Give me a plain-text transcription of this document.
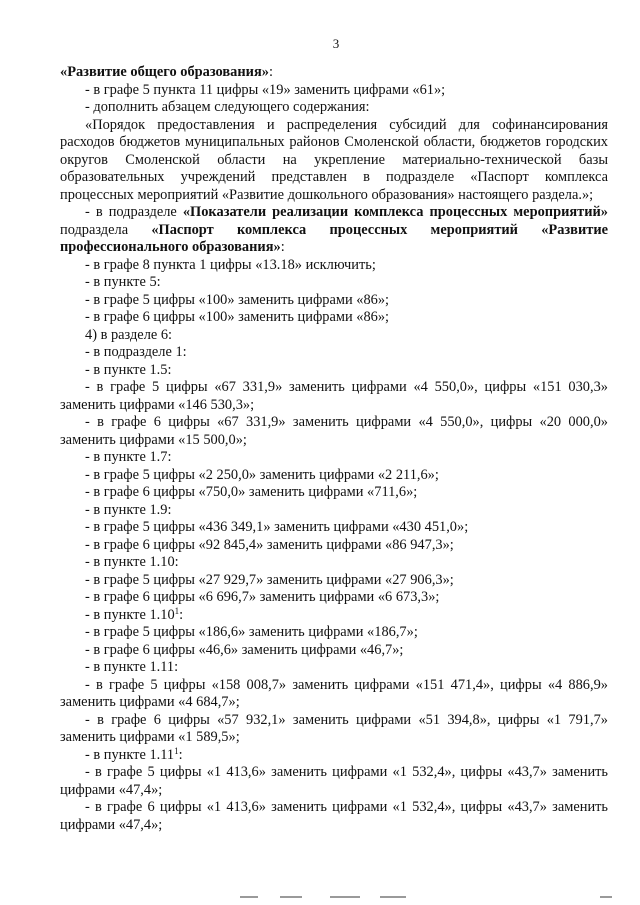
3

«Развитие общего образования»:

- в графе 5 пункта 11 цифры «19» заменить цифрами «61»;

- дополнить абзацем следующего содержания:

«Порядок предоставления и распределения субсидий для софинансирования расходов бюджетов муниципальных районов Смоленской области, бюджетов городских округов Смоленской области на укрепление материально-технической базы образовательных учреждений представлен в подразделе «Паспорт комплекса процессных мероприятий «Развитие дошкольного образования» настоящего раздела.»;

- в подразделе «Показатели реализации комплекса процессных мероприятий» подраздела «Паспорт комплекса процессных мероприятий «Развитие профессионального образования»:

- в графе 8 пункта 1 цифры «13.18» исключить;

- в пункте 5:

- в графе 5 цифры «100» заменить цифрами «86»;

- в графе 6 цифры «100» заменить цифрами «86»;

4) в разделе 6:

- в подразделе 1:

- в пункте 1.5:

- в графе 5 цифры «67 331,9» заменить цифрами «4 550,0», цифры «151 030,3» заменить цифрами «146 530,3»;

- в графе 6 цифры «67 331,9» заменить цифрами «4 550,0», цифры «20 000,0» заменить цифрами «15 500,0»;

- в пункте 1.7:

- в графе 5 цифры «2 250,0» заменить цифрами «2 211,6»;

- в графе 6 цифры «750,0» заменить цифрами «711,6»;

- в пункте 1.9:

- в графе 5 цифры «436 349,1» заменить цифрами «430 451,0»;

- в графе 6 цифры «92 845,4» заменить цифрами «86 947,3»;

- в пункте 1.10:

- в графе 5 цифры «27 929,7» заменить цифрами «27 906,3»;

- в графе 6 цифры «6 696,7» заменить цифрами «6 673,3»;

- в пункте 1.10$^1$:

- в графе 5 цифры «186,6» заменить цифрами «186,7»;

- в графе 6 цифры «46,6» заменить цифрами «46,7»;

- в пункте 1.11:

- в графе 5 цифры «158 008,7» заменить цифрами «151 471,4», цифры «4 886,9» заменить цифрами «4 684,7»;

- в графе 6 цифры «57 932,1» заменить цифрами «51 394,8», цифры «1 791,7» заменить цифрами «1 589,5»;

- в пункте 1.11$^1$:

- в графе 5 цифры «1 413,6» заменить цифрами «1 532,4», цифры «43,7» заменить цифрами «47,4»;

- в графе 6 цифры «1 413,6» заменить цифрами «1 532,4», цифры «43,7» заменить цифрами «47,4»;
